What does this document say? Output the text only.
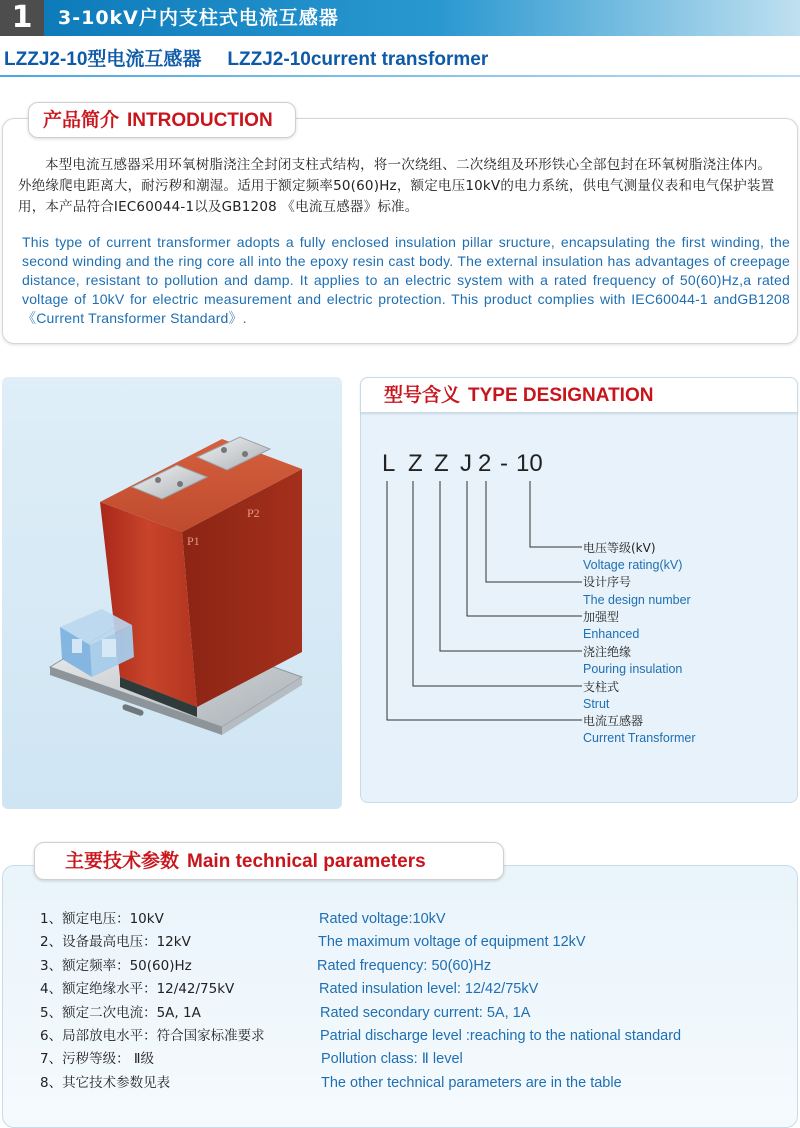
1	3-10kV户内支柱式电流互感器
LZZJ2-10型电流互感器 LZZJ2-10current transformer
产品简介 INTRODUCTION
本型电流互感器采用环氧树脂浇注全封闭支柱式结构，将一次绕组、二次绕组及环形铁心全部包封在环氧树脂浇注体内。外绝缘爬电距离大，耐污秽和潮湿。适用于额定频率50(60)Hz，额定电压10kV的电力系统，供电气测量仪表和电气保护装置用，本产品符合IEC60044-1以及GB1208 《电流互感器》标准。
This type of current transformer adopts a fully enclosed insulation pillar sructure, encapsulating the first winding, the second winding and the ring core all into the epoxy resin cast body. The external insulation has advantages of creepage distance, resistant to pollution and damp. It applies to an electric system with a rated frequency of 50(60)Hz,a rated voltage of 10kV for electric measurement and electric protection. This product complies with IEC60044-1 andGB1208《Current Transformer Standard》.
P1
P2
型号含义 TYPE DESIGNATION
L Z Z J 2 - 10
电压等级(kV)
Voltage rating(kV)
设计序号
The design number
加强型
Enhanced
浇注绝缘
Pouring insulation
支柱式
Strut
电流互感器
Current Transformer
主要技术参数 Main technical parameters
1、额定电压：10kV	Rated voltage:10kV
2、设备最高电压：12kV	The maximum voltage of equipment 12kV
3、额定频率：50(60)Hz	Rated frequency: 50(60)Hz
4、额定绝缘水平：12/42/75kV	Rated insulation level: 12/42/75kV
5、额定二次电流：5A, 1A	Rated secondary current: 5A, 1A
6、局部放电水平：符合国家标准要求	Patrial discharge level :reaching to the national standard
7、污秽等级： Ⅱ级	Pollution class: Ⅱ level
8、其它技术参数见表	The other technical parameters are in the table
